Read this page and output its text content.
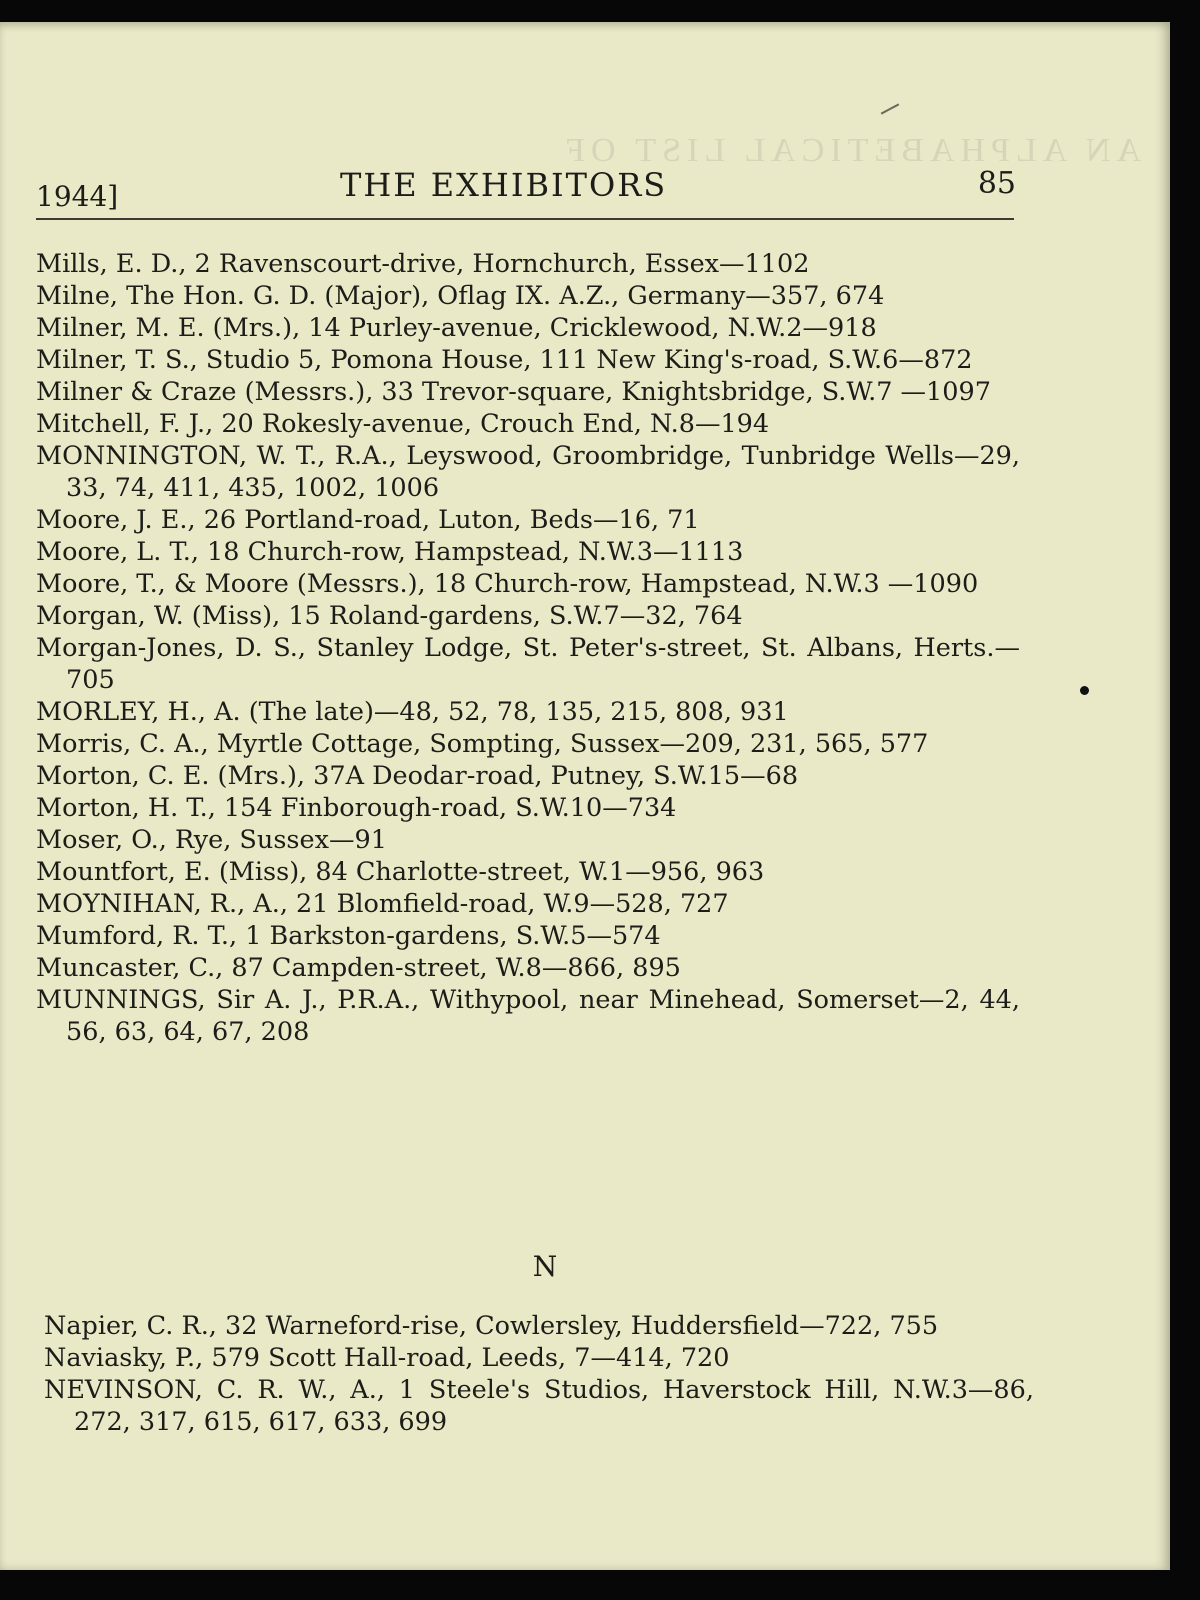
AN ALPHABETICAL LIST OF
1944]	THE EXHIBITORS	85

Mills, E. D., 2 Ravenscourt-drive, Hornchurch, Essex—1102

Milne, The Hon. G. D. (Major), Oflag IX. A.Z., Germany—357, 674

Milner, M. E. (Mrs.), 14 Purley-avenue, Cricklewood, N.W.2—918

Milner, T. S., Studio 5, Pomona House, 111 New King's-road, S.W.6—872

Milner & Craze (Messrs.), 33 Trevor-square, Knightsbridge, S.W.7 —1097

Mitchell, F. J., 20 Rokesly-avenue, Crouch End, N.8—194

MONNINGTON, W. T., R.A., Leyswood, Groombridge, Tunbridge Wells—29, 33, 74, 411, 435, 1002, 1006

Moore, J. E., 26 Portland-road, Luton, Beds—16, 71

Moore, L. T., 18 Church-row, Hampstead, N.W.3—1113

Moore, T., & Moore (Messrs.), 18 Church-row, Hampstead, N.W.3 —1090

Morgan, W. (Miss), 15 Roland-gardens, S.W.7—32, 764

Morgan-Jones, D. S., Stanley Lodge, St. Peter's-street, St. Albans, Herts.—705

MORLEY, H., A. (The late)—48, 52, 78, 135, 215, 808, 931

Morris, C. A., Myrtle Cottage, Sompting, Sussex—209, 231, 565, 577

Morton, C. E. (Mrs.), 37A Deodar-road, Putney, S.W.15—68

Morton, H. T., 154 Finborough-road, S.W.10—734

Moser, O., Rye, Sussex—91

Mountfort, E. (Miss), 84 Charlotte-street, W.1—956, 963

MOYNIHAN, R., A., 21 Blomfield-road, W.9—528, 727

Mumford, R. T., 1 Barkston-gardens, S.W.5—574

Muncaster, C., 87 Campden-street, W.8—866, 895

MUNNINGS, Sir A. J., P.R.A., Withypool, near Minehead, Somerset—2, 44, 56, 63, 64, 67, 208

N

Napier, C. R., 32 Warneford-rise, Cowlersley, Huddersfield—722, 755

Naviasky, P., 579 Scott Hall-road, Leeds, 7—414, 720

NEVINSON, C. R. W., A., 1 Steele's Studios, Haverstock Hill, N.W.3—86, 272, 317, 615, 617, 633, 699
